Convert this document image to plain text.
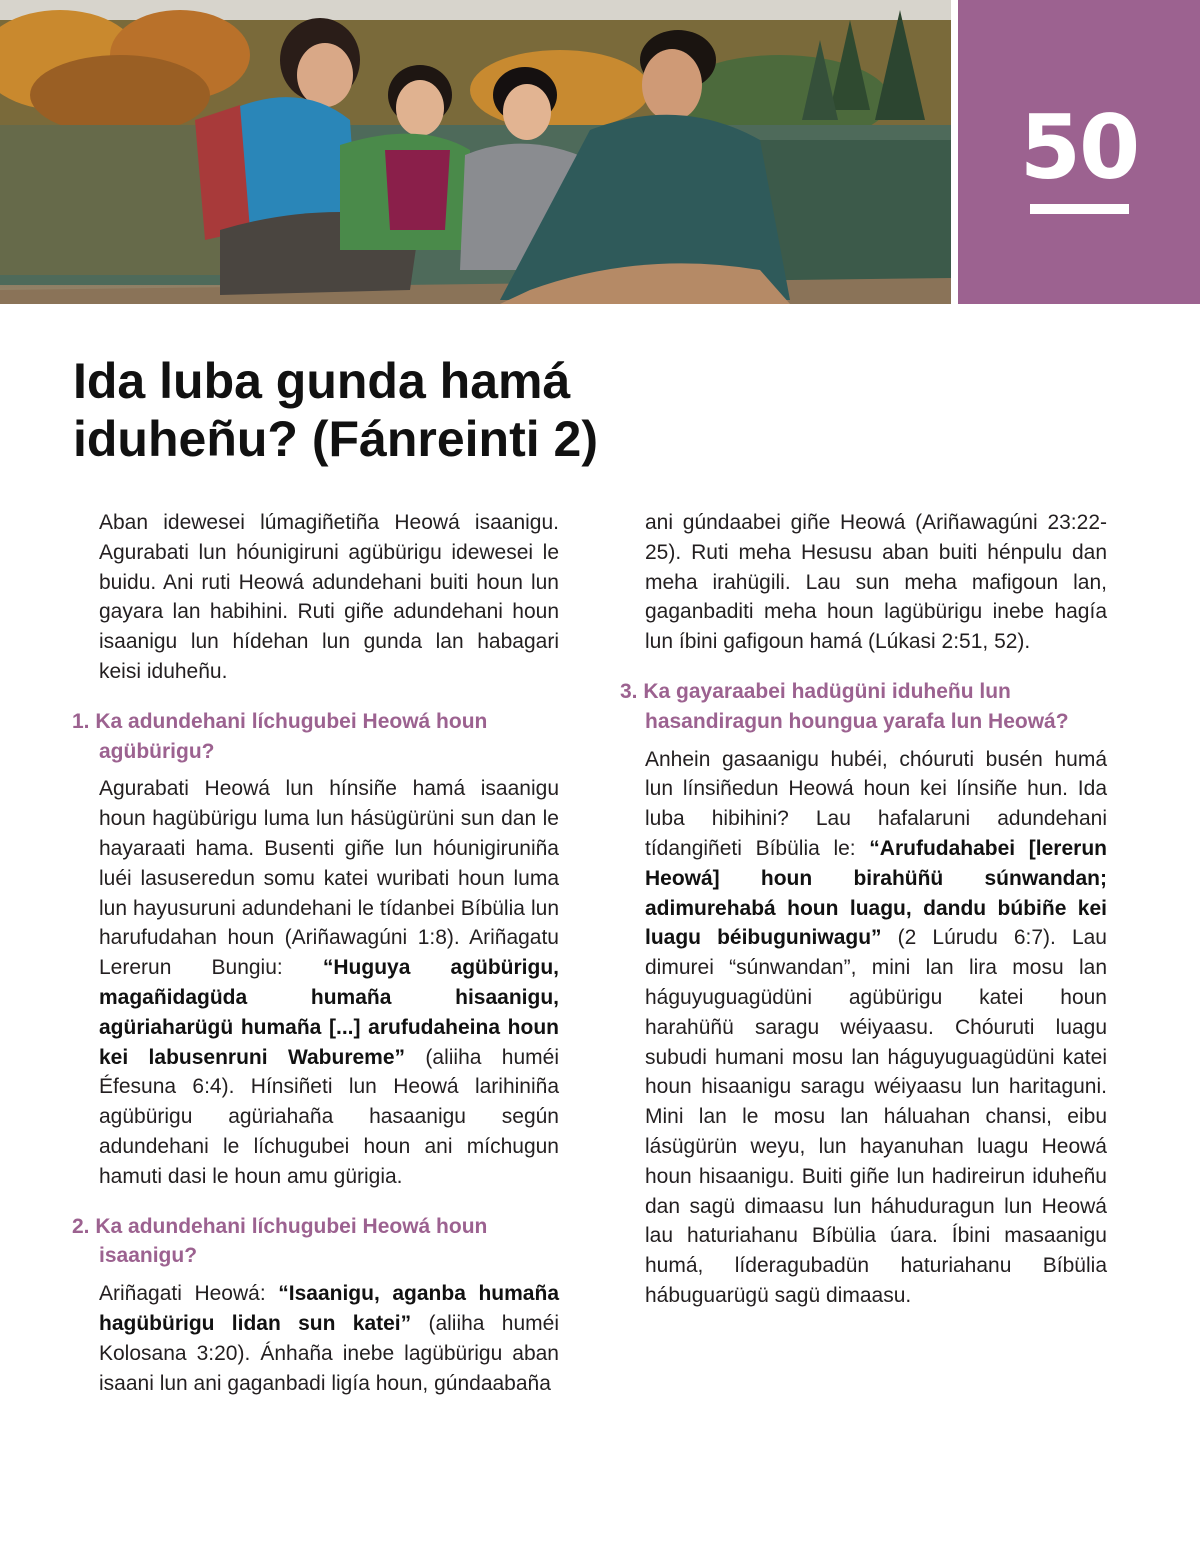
50
Ida luba gunda hamá iduheñu? (Fánreinti 2)

Aban idewesei lúmagiñetiña Heowá isaanigu. Agurabati lun hóunigiruni agübürigu idewesei le buidu. Ani ruti Heowá adundehani buiti houn lun gayara lan habihini. Ruti giñe adundehani houn isaanigu lun hídehan lun gunda lan habagari keisi iduheñu.

1. Ka adundehani líchugubei Heowá houn agübürigu?

Agurabati Heowá lun hínsiñe hamá isaanigu houn hagübürigu luma lun hásügürüni sun dan le hayaraati hama. Busenti giñe lun hóunigiruniña luéi lasuseredun somu katei wuribati houn luma lun hayusuruni adundehani le tídanbei Bíbülia lun harufudahan houn (Ariñawagúni 1:8). Ariñagatu Lererun Bungiu: “Huguya agübürigu, magañidagüda humaña hisaanigu, agüriaharügü humaña [...] arufudaheina houn kei labusenruni Wabureme” (aliiha huméi Éfesuna 6:4). Hínsiñeti lun Heowá larihiniña agübürigu agüriahaña hasaanigu según adundehani le líchugubei houn ani míchugun hamuti dasi le houn amu gürigia.

2. Ka adundehani líchugubei Heowá houn isaanigu?

Ariñagati Heowá: “Isaanigu, aganba humaña hagübürigu lidan sun katei” (aliiha huméi Kolosana 3:20). Ánhaña inebe lagübürigu aban isaani lun ani gaganbadi ligía houn, gúndaabaña

ani gúndaabei giñe Heowá (Ariñawagúni 23:22-25). Ruti meha Hesusu aban buiti hénpulu dan meha irahügili. Lau sun meha mafigoun lan, gaganbaditi meha houn lagübürigu inebe hagía lun íbini gafigoun hamá (Lúkasi 2:51, 52).

3. Ka gayaraabei hadügüni iduheñu lun hasandiragun houngua yarafa lun Heowá?

Anhein gasaanigu hubéi, chóuruti busén humá lun línsiñedun Heowá houn kei línsiñe hun. Ida luba hibihini? Lau hafalaruni adundehani tídangiñeti Bíbülia le: “Arufudahabei [lererun Heowá] houn birahüñü súnwandan; adimurehabá houn luagu, dandu búbiñe kei luagu béibuguniwagu” (2 Lúrudu 6:7). Lau dimurei “súnwandan”, mini lan lira mosu lan háguyuguagüdüni agübürigu katei houn harahüñü saragu wéiyaasu. Chóuruti luagu subudi humani mosu lan háguyuguagüdüni katei houn hisaanigu saragu wéiyaasu lun haritaguni. Mini lan le mosu lan háluahan chansi, eibu lásügürün weyu, lun hayanuhan luagu Heowá houn hisaanigu. Buiti giñe lun hadireirun iduheñu dan sagü dimaasu lun háhuduragun lun Heowá lau haturiahanu Bíbülia úara. Íbini masaanigu humá, líderagubadün haturiahanu Bíbülia hábuguarügü sagü dimaasu.
